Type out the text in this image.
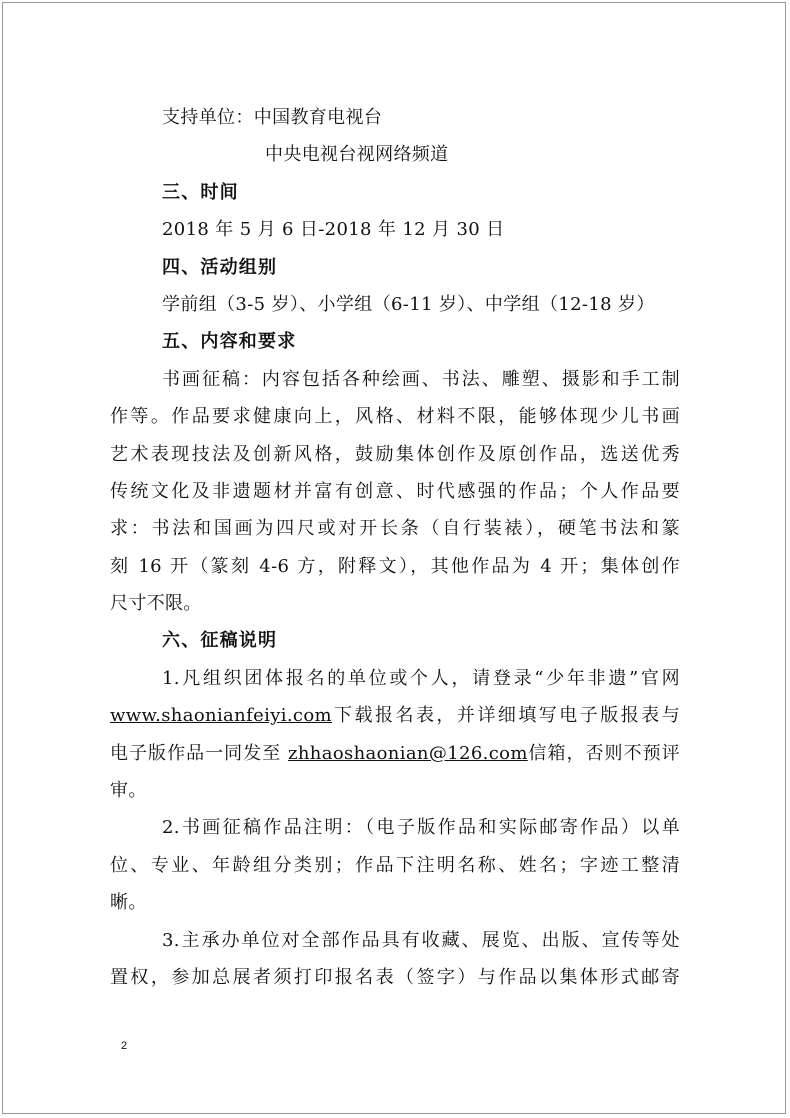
支持单位：中国教育电视台
中央电视台视网络频道
三、时间
2018 年 5 月 6 日-2018 年 12 月 30 日
四、活动组别
学前组（3-5 岁）、小学组（6-11 岁）、中学组（12-18 岁）
五、内容和要求
书画征稿：内容包括各种绘画、书法、雕塑、摄影和手工制
作等。作品要求健康向上，风格、材料不限，能够体现少儿书画
艺术表现技法及创新风格，鼓励集体创作及原创作品，选送优秀
传统文化及非遗题材并富有创意、时代感强的作品；个人作品要
求：书法和国画为四尺或对开长条（自行装裱），硬笔书法和篆
刻 16 开（篆刻 4-6 方，附释文），其他作品为 4 开；集体创作
尺寸不限。
六、征稿说明
1.凡组织团体报名的单位或个人，请登录“少年非遗”官网
www.shaonianfeiyi.com下载报名表，并详细填写电子版报表与
电子版作品一同发至 zhhaoshaonian@126.com信箱，否则不预评
审。
2.书画征稿作品注明：（电子版作品和实际邮寄作品）以单
位、专业、年龄组分类别；作品下注明名称、姓名；字迹工整清
晰。
3.主承办单位对全部作品具有收藏、展览、出版、宣传等处
置权，参加总展者须打印报名表（签字）与作品以集体形式邮寄
2
